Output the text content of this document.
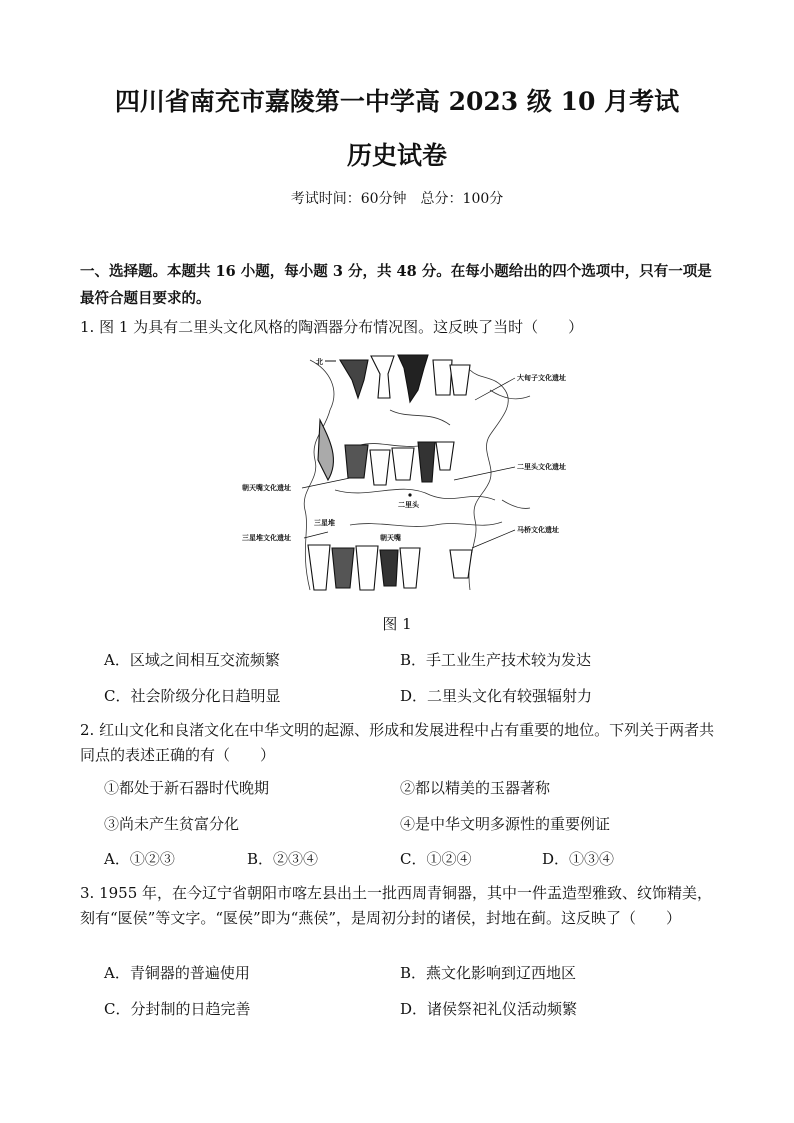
四川省南充市嘉陵第一中学高 2023 级 10 月考试
历史试卷
考试时间：60分钟　总分：100分
一、选择题。本题共 16 小题，每小题 3 分，共 48 分。在每小题给出的四个选项中，只有一项是最符合题目要求的。
1. 图 1 为具有二里头文化风格的陶酒器分布情况图。这反映了当时（　　）
北
大甸子文化遗址
二里头文化遗址
二里头
朝天嘴文化遗址
三星堆
三星堆文化遗址	朝天嘴
马桥文化遗址
图 1
A．区域之间相互交流频繁	B．手工业生产技术较为发达
C．社会阶级分化日趋明显	D．二里头文化有较强辐射力
2. 红山文化和良渚文化在中华文明的起源、形成和发展进程中占有重要的地位。下列关于两者共同点的表述正确的有（　　）
①都处于新石器时代晚期	②都以精美的玉器著称
③尚未产生贫富分化	④是中华文明多源性的重要例证
A．①②③	B．②③④	C．①②④	D．①③④
3. 1955 年，在今辽宁省朝阳市喀左县出土一批西周青铜器，其中一件盂造型雅致、纹饰精美，刻有“匽侯”等文字。“匽侯”即为“燕侯”，是周初分封的诸侯，封地在蓟。这反映了（　　）
A．青铜器的普遍使用	B．燕文化影响到辽西地区
C．分封制的日趋完善	D．诸侯祭祀礼仪活动频繁
